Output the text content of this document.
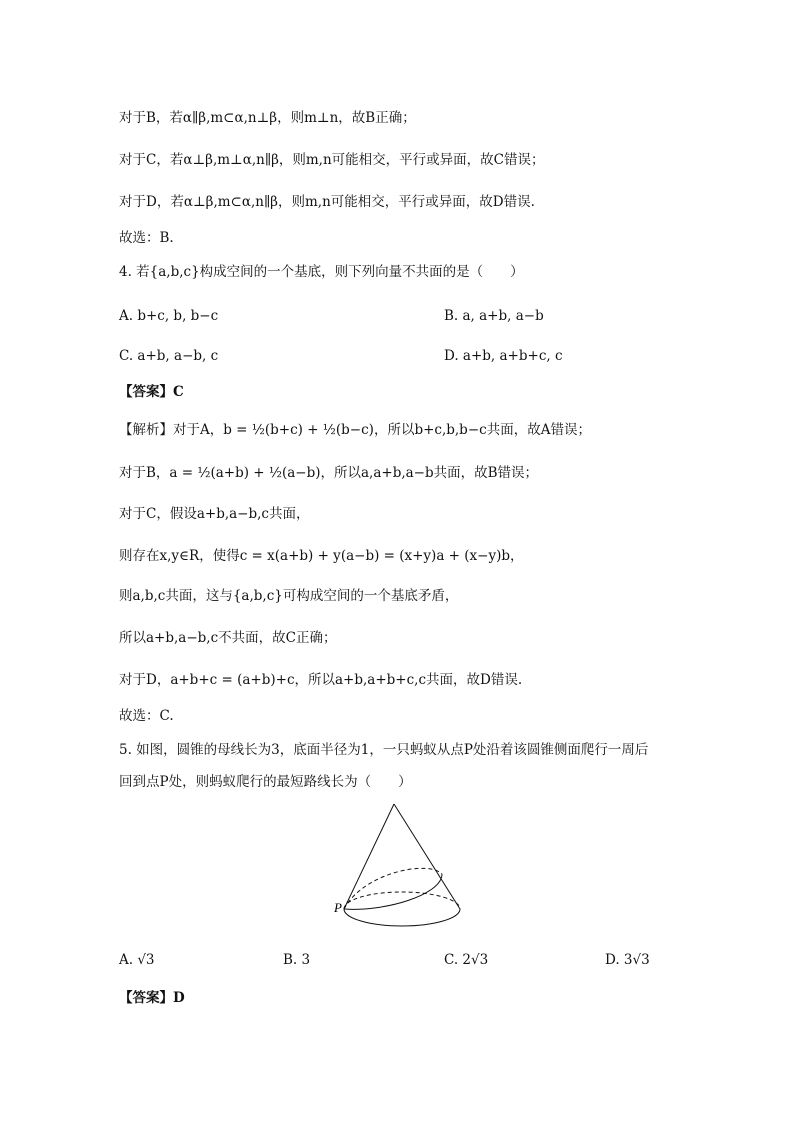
对于B，若α∥β,m⊂α,n⊥β，则m⊥n，故B正确；
对于C，若α⊥β,m⊥α,n∥β，则m,n可能相交，平行或异面，故C错误；
对于D，若α⊥β,m⊂α,n∥β，则m,n可能相交，平行或异面，故D错误.
故选：B.
4. 若{a,b,c}构成空间的一个基底，则下列向量不共面的是（　　）
A. b+c, b, b−c	B. a, a+b, a−b
C. a+b, a−b, c	D. a+b, a+b+c, c
【答案】C
【解析】对于A，b = ½(b+c) + ½(b−c)，所以b+c,b,b−c共面，故A错误；
对于B，a = ½(a+b) + ½(a−b)，所以a,a+b,a−b共面，故B错误；
对于C，假设a+b,a−b,c共面，
则存在x,y∈R，使得c = x(a+b) + y(a−b) = (x+y)a + (x−y)b，
则a,b,c共面，这与{a,b,c}可构成空间的一个基底矛盾，
所以a+b,a−b,c不共面，故C正确；
对于D，a+b+c = (a+b)+c，所以a+b,a+b+c,c共面，故D错误.
故选：C.
5. 如图，圆锥的母线长为3，底面半径为1，一只蚂蚁从点P处沿着该圆锥侧面爬行一周后
回到点P处，则蚂蚁爬行的最短路线长为（　　）
P
A. √3	B. 3	C. 2√3	D. 3√3
【答案】D
